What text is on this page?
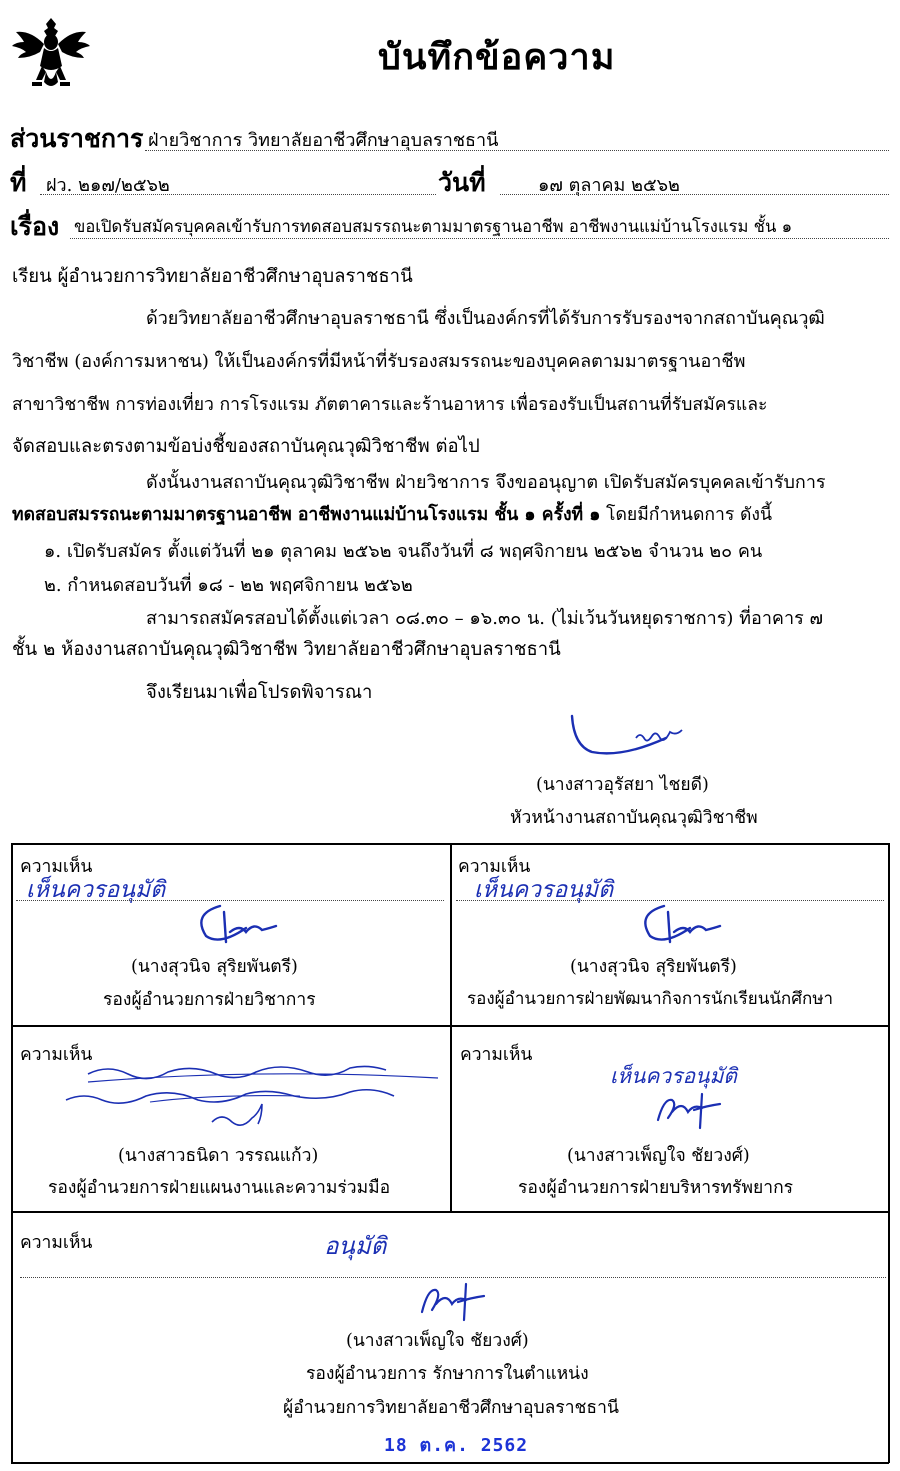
บันทึกข้อความ
ส่วนราชการ ฝ่ายวิชาการ วิทยาลัยอาชีวศึกษาอุบลราชธานี
ที่ ฝว. ๒๑๗/๒๕๖๒	วันที่	๑๗ ตุลาคม ๒๕๖๒
เรื่อง ขอเปิดรับสมัครบุคคลเข้ารับการทดสอบสมรรถนะตามมาตรฐานอาชีพ อาชีพงานแม่บ้านโรงแรม ชั้น ๑
เรียน ผู้อำนวยการวิทยาลัยอาชีวศึกษาอุบลราชธานี
ด้วยวิทยาลัยอาชีวศึกษาอุบลราชธานี ซึ่งเป็นองค์กรที่ได้รับการรับรองฯจากสถาบันคุณวุฒิ
วิชาชีพ (องค์การมหาชน) ให้เป็นองค์กรที่มีหน้าที่รับรองสมรรถนะของบุคคลตามมาตรฐานอาชีพ
สาขาวิชาชีพ การท่องเที่ยว การโรงแรม ภัตตาคารและร้านอาหาร เพื่อรองรับเป็นสถานที่รับสมัครและ
จัดสอบและตรงตามข้อบ่งชี้ของสถาบันคุณวุฒิวิชาชีพ ต่อไป
ดังนั้นงานสถาบันคุณวุฒิวิชาชีพ ฝ่ายวิชาการ จึงขออนุญาต เปิดรับสมัครบุคคลเข้ารับการ
ทดสอบสมรรถนะตามมาตรฐานอาชีพ อาชีพงานแม่บ้านโรงแรม ชั้น ๑ ครั้งที่ ๑ โดยมีกำหนดการ ดังนี้
๑. เปิดรับสมัคร ตั้งแต่วันที่ ๒๑ ตุลาคม ๒๕๖๒ จนถึงวันที่ ๘ พฤศจิกายน ๒๕๖๒ จำนวน ๒๐ คน
๒. กำหนดสอบวันที่ ๑๘ - ๒๒ พฤศจิกายน ๒๕๖๒
สามารถสมัครสอบได้ตั้งแต่เวลา ๐๘.๓๐ – ๑๖.๓๐ น. (ไม่เว้นวันหยุดราชการ) ที่อาคาร ๗
ชั้น ๒ ห้องงานสถาบันคุณวุฒิวิชาชีพ วิทยาลัยอาชีวศึกษาอุบลราชธานี
จึงเรียนมาเพื่อโปรดพิจารณา
(นางสาวอุรัสยา ไชยดี)
หัวหน้างานสถาบันคุณวุฒิวิชาชีพ
ความเห็น
เห็นควรอนุมัติ
(นางสุวนิจ สุริยพันตรี)
รองผู้อำนวยการฝ่ายวิชาการ
ความเห็น
เห็นควรอนุมัติ
(นางสุวนิจ สุริยพันตรี)
รองผู้อำนวยการฝ่ายพัฒนากิจการนักเรียนนักศึกษา
ความเห็น
(นางสาวธนิดา วรรณแก้ว)
รองผู้อำนวยการฝ่ายแผนงานและความร่วมมือ
ความเห็น
เห็นควรอนุมัติ
(นางสาวเพ็ญใจ ชัยวงศ์)
รองผู้อำนวยการฝ่ายบริหารทรัพยากร
ความเห็น	อนุมัติ
(นางสาวเพ็ญใจ ชัยวงศ์)
รองผู้อำนวยการ รักษาการในตำแหน่ง
ผู้อำนวยการวิทยาลัยอาชีวศึกษาอุบลราชธานี
18 ต.ค. 2562
